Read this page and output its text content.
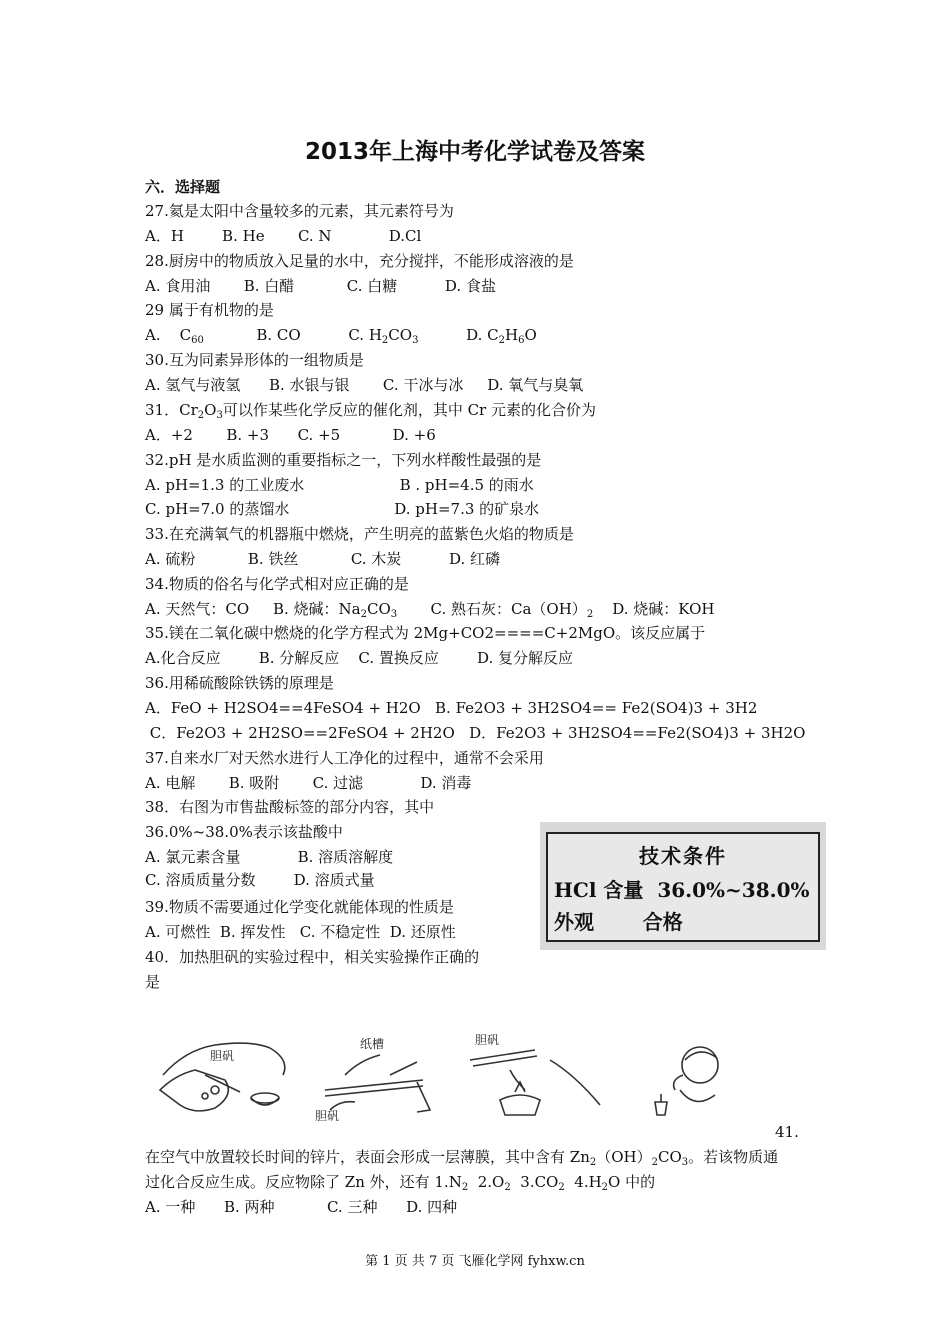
2013年上海中考化学试卷及答案
六．选择题
27.氦是太阳中含量较多的元素，其元素符号为
A．H        B. He       C. N            D.Cl
28.厨房中的物质放入足量的水中，充分搅拌，不能形成溶液的是
A. 食用油       B. 白醋           C. 白糖          D. 食盐
29 属于有机物的是
A.    $C_{60}$           B. CO          C. $H_2CO_3$          D. $C_2H_6O$
30.互为同素异形体的一组物质是
A. 氢气与液氢      B. 水银与银       C. 干冰与冰     D. 氧气与臭氧
31．$Cr_2O_3$可以作某些化学反应的催化剂，其中 Cr 元素的化合价为
A．+2       B. +3      C. +5           D. +6
32.pH 是水质监测的重要指标之一，下列水样酸性最强的是
A. pH=1.3 的工业废水                    B . pH=4.5 的雨水
C. pH=7.0 的蒸馏水                      D. pH=7.3 的矿泉水
33.在充满氧气的机器瓶中燃烧，产生明亮的蓝紫色火焰的物质是
A. 硫粉           B. 铁丝           C. 木炭          D. 红磷
34.物质的俗名与化学式相对应正确的是
A. 天然气：CO     B. 烧碱：$Na_2CO_3$       C. 熟石灰：$Ca(OH)_2$    D. 烧碱：KOH
35.镁在二氧化碳中燃烧的化学方程式为 2Mg+CO2====C+2MgO。该反应属于
A.化合反应        B. 分解反应    C. 置换反应        D. 复分解反应
36.用稀硫酸除铁锈的原理是
A．FeO + H2SO4==4FeSO4 + H2O   B. Fe2O3 + 3H2SO4== Fe2(SO4)3 + 3H2
C．Fe2O3 + 2H2SO==2FeSO4 + 2H2O   D．Fe2O3 + 3H2SO4==Fe2(SO4)3 + 3H2O
37.自来水厂对天然水进行人工净化的过程中，通常不会采用
A. 电解       B. 吸附       C. 过滤            D. 消毒
38．右图为市售盐酸标签的部分内容，其中
36.0%~38.0%表示该盐酸中
A. 氯元素含量            B. 溶质溶解度
C. 溶质质量分数        D. 溶质式量
技术条件
HCl 含量 36.0%~38.0%
外观 合格
39.物质不需要通过化学变化就能体现的性质是
A. 可燃性  B. 挥发性   C. 不稳定性  D. 还原性
40．加热胆矾的实验过程中，相关实验操作正确的
是
胆矾
纸槽
胆矾
胆矾
41.
在空气中放置较长时间的锌片，表面会形成一层薄膜，其中含有 $Zn_2(OH)_2CO_3$。若该物质通
过化合反应生成。反应物除了 Zn 外，还有 $1.N_2$  $2.O_2$  $3.CO_2$  $4.H_2O$ 中的
A. 一种      B. 两种           C. 三种      D. 四种
第 1 页 共 7 页 飞雁化学网 fyhxw.cn
